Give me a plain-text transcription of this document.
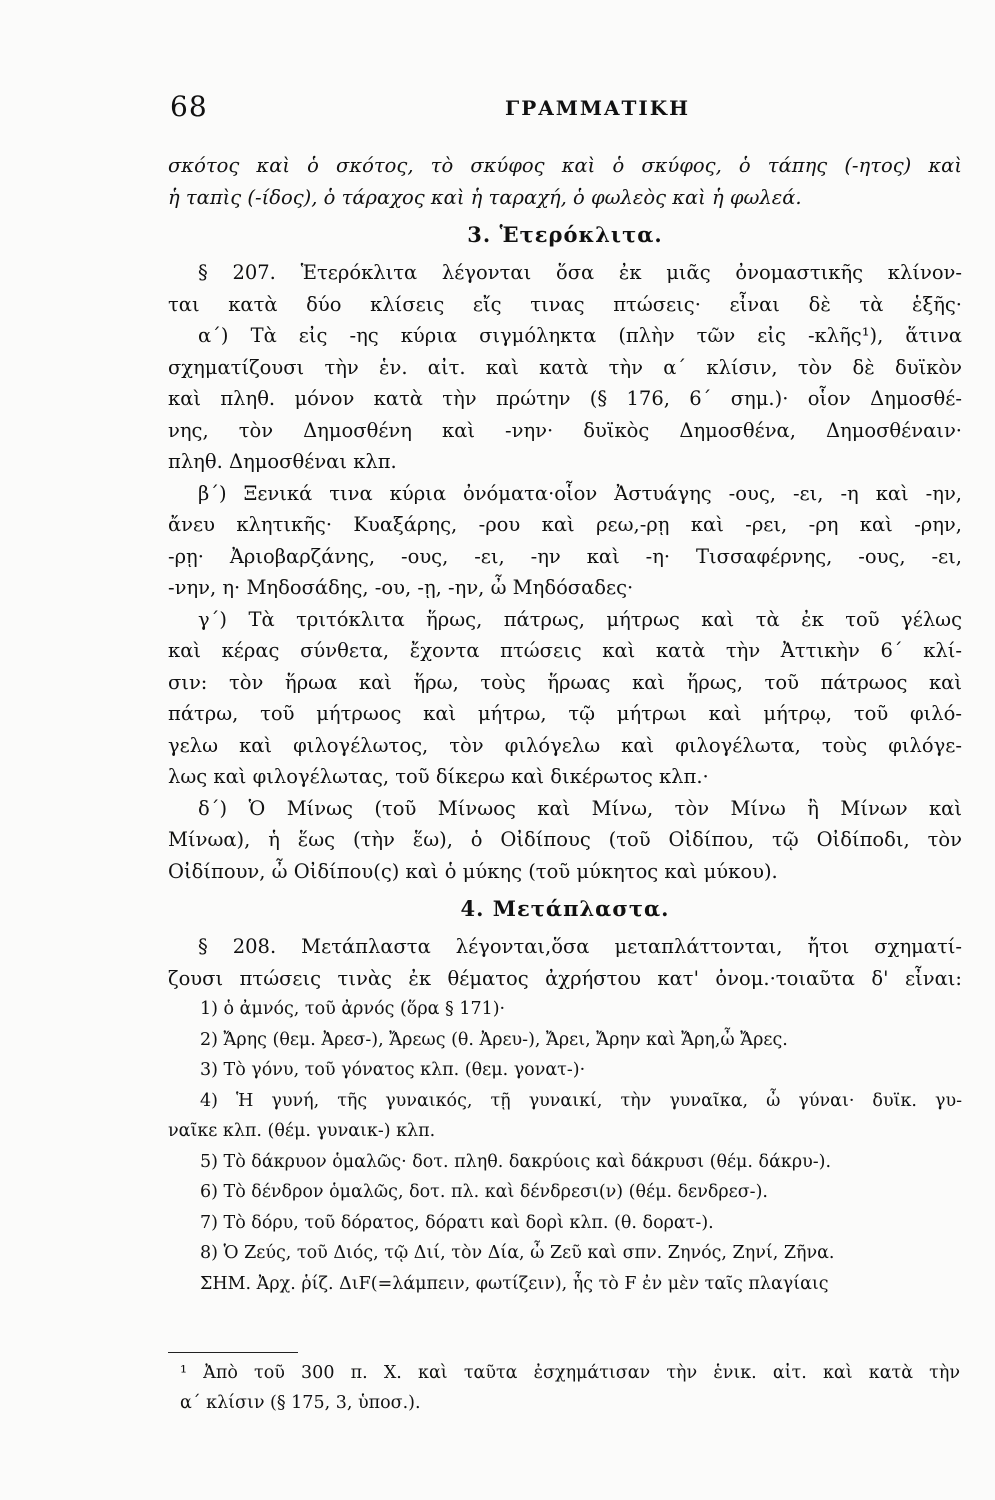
68	ΓΡΑΜΜΑΤΙΚΗ
σκότος καὶ ὁ σκότος, τὸ σκύφος καὶ ὁ σκύφος, ὁ τάπης (-ητος) καὶ
ἡ ταπὶς (-ίδος), ὁ τάραχος καὶ ἡ ταραχή, ὁ φωλεὸς καὶ ἡ φωλεά.
3. Ἑτερόκλιτα.
§ 207. Ἑτερόκλιτα λέγονται ὅσα ἐκ μιᾶς ὀνομαστικῆς κλίνον-
ται κατὰ δύο κλίσεις εἴς τινας πτώσεις· εἶναι δὲ τὰ ἑξῆς·
α΄) Τὰ εἰς -ης κύρια σιγμόληκτα (πλὴν τῶν εἰς -κλῆς¹), ἅτινα
σχηματίζουσι τὴν ἑν. αἰτ. καὶ κατὰ τὴν α΄ κλίσιν, τὸν δὲ δυϊκὸν
καὶ πληθ. μόνον κατὰ τὴν πρώτην (§ 176, 6΄ σημ.)· οἷον Δημοσθέ-
νης, τὸν Δημοσθένη καὶ -νην· δυϊκὸς Δημοσθένα, Δημοσθέναιν·
πληθ. Δημοσθέναι κλπ.
β΄) Ξενικά τινα κύρια ὀνόματα·οἷον Ἀστυάγης -ους, -ει, -η καὶ -ην,
ἄνευ κλητικῆς· Κυαξάρης, -ρου καὶ ρεω,-ρῃ καὶ -ρει, -ρη καὶ -ρην,
-ρῃ· Ἀριοβαρζάνης, -ους, -ει, -ην καὶ -η· Τισσαφέρνης, -ους, -ει,
-νην, η· Μηδοσάδης, -ου, -ῃ, -ην, ὦ Μηδόσαδες·
γ΄) Τὰ τριτόκλιτα ἥρως, πάτρως, μήτρως καὶ τὰ ἐκ τοῦ γέλως
καὶ κέρας σύνθετα, ἔχοντα πτώσεις καὶ κατὰ τὴν Ἀττικὴν 6΄ κλί-
σιν: τὸν ἥρωα καὶ ἥρω, τοὺς ἥρωας καὶ ἥρως, τοῦ πάτρωος καὶ
πάτρω, τοῦ μήτρωος καὶ μήτρω, τῷ μήτρωι καὶ μήτρῳ, τοῦ φιλό-
γελω καὶ φιλογέλωτος, τὸν φιλόγελω καὶ φιλογέλωτα, τοὺς φιλόγε-
λως καὶ φιλογέλωτας, τοῦ δίκερω καὶ δικέρωτος κλπ.·
δ΄) Ὁ Μίνως (τοῦ Μίνωος καὶ Μίνω, τὸν Μίνω ἢ Μίνων καὶ
Μίνωα), ἡ ἕως (τὴν ἕω), ὁ Οἰδίπους (τοῦ Οἰδίπου, τῷ Οἰδίποδι, τὸν
Οἰδίπουν, ὦ Οἰδίπου(ς) καὶ ὁ μύκης (τοῦ μύκητος καὶ μύκου).
4. Μετάπλαστα.
§ 208. Μετάπλαστα λέγονται,ὅσα μεταπλάττονται, ἤτοι σχηματί-
ζουσι πτώσεις τινὰς ἐκ θέματος ἀχρήστου κατ' ὀνομ.·τοιαῦτα δ' εἶναι:
1) ὁ ἀμνός, τοῦ ἀρνός (ὅρα § 171)·
2) Ἄρης (θεμ. Ἀρεσ-), Ἄρεως (θ. Ἀρευ-), Ἄρει, Ἄρην καὶ Ἄρη,ὦ Ἄρες.
3) Τὸ γόνυ, τοῦ γόνατος κλπ. (θεμ. γονατ-)·
4) Ἡ γυνή, τῆς γυναικός, τῇ γυναικί, τὴν γυναῖκα, ὦ γύναι· δυϊκ. γυ-
ναῖκε κλπ. (θέμ. γυναικ-) κλπ.
5) Τὸ δάκρυον ὁμαλῶς· δοτ. πληθ. δακρύοις καὶ δάκρυσι (θέμ. δάκρυ-).
6) Τὸ δένδρον ὁμαλῶς, δοτ. πλ. καὶ δένδρεσι(ν) (θέμ. δενδρεσ-).
7) Τὸ δόρυ, τοῦ δόρατος, δόρατι καὶ δορὶ κλπ. (θ. δορατ-).
8) Ὁ Ζεύς, τοῦ Διός, τῷ Διί, τὸν Δία, ὦ Ζεῦ καὶ σπν. Ζηνός, Ζηνί, Ζῆνα.
ΣΗΜ. Ἀρχ. ῥίζ. ΔιF(=λάμπειν, φωτίζειν), ἧς τὸ F ἐν μὲν ταῖς πλαγίαις
¹ Ἀπὸ τοῦ 300 π. Χ. καὶ ταῦτα ἐσχημάτισαν τὴν ἑνικ. αἰτ. καὶ κατὰ τὴν
α΄ κλίσιν (§ 175, 3, ὑποσ.).
